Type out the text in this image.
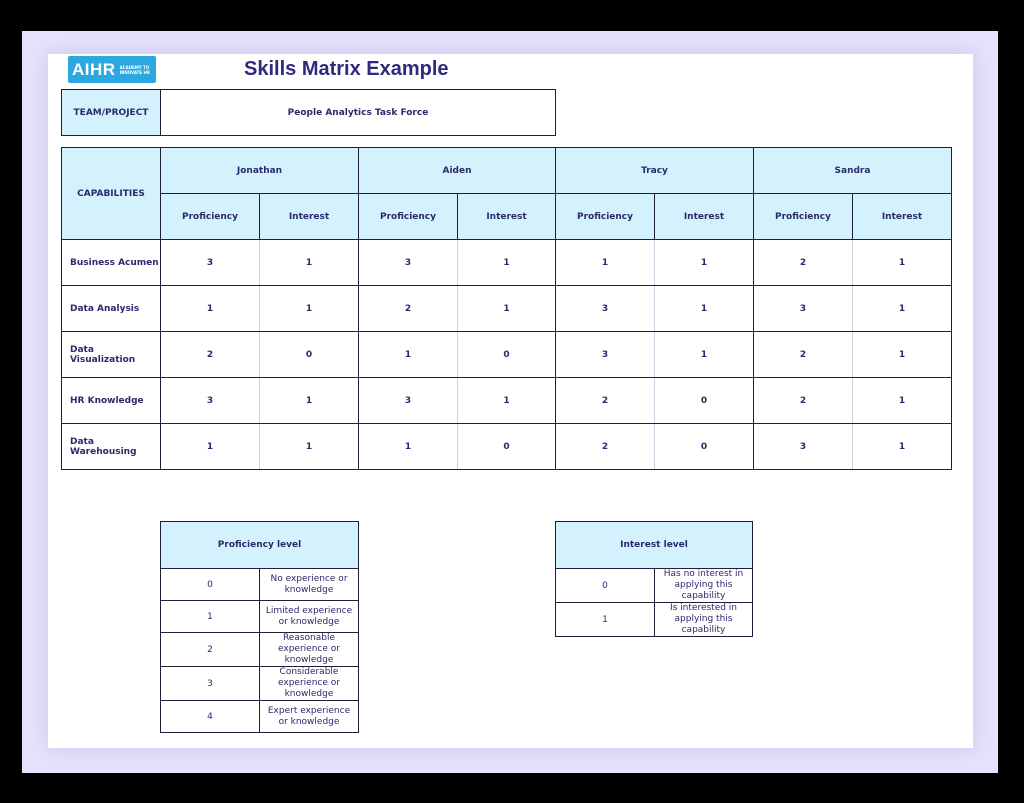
AIHR ACADEMY TO INNOVATE HR	Skills Matrix Example
TEAM/PROJECT	People Analytics Task Force
CAPABILITIES	Jonathan		Aiden		Tracy		Sandra	
	Proficiency	Interest	Proficiency	Interest	Proficiency	Interest	Proficiency	Interest
Business Acumen	3	1	3	1	1	1	2	1
Data Analysis	1	1	2	1	3	1	3	1
Data Visualization	2	0	1	0	3	1	2	1
HR Knowledge	3	1	3	1	2	0	2	1
Data Warehousing	1	1	1	0	2	0	3	1
Proficiency level	
0	No experience or knowledge
1	Limited experience or knowledge
2	Reasonable experience or knowledge
3	Considerable experience or knowledge
4	Expert experience or knowledge
Interest level	
0	Has no interest in applying this capability
1	Is interested in applying this capability
